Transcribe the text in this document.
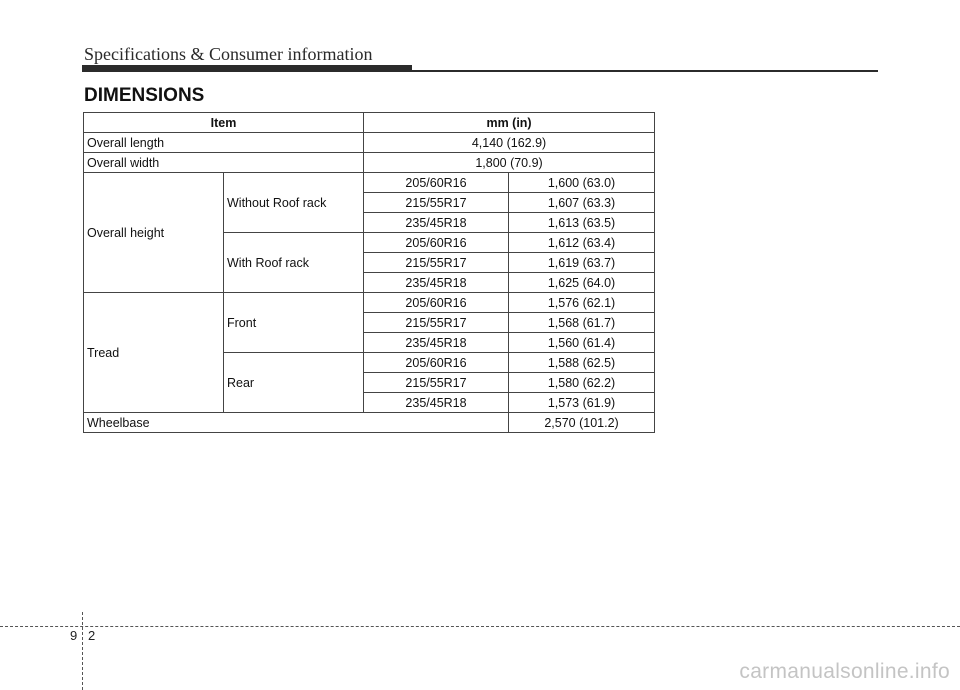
Specifications & Consumer information
DIMENSIONS
Item		mm (in)	
Overall length		4,140 (162.9)	
Overall width		1,800 (70.9)	
Overall height	Without Roof rack	205/60R16	1,600 (63.0)
		215/55R17	1,607 (63.3)
		235/45R18	1,613 (63.5)
	With Roof rack	205/60R16	1,612 (63.4)
		215/55R17	1,619 (63.7)
		235/45R18	1,625 (64.0)
Tread	Front	205/60R16	1,576 (62.1)
		215/55R17	1,568 (61.7)
		235/45R18	1,560 (61.4)
	Rear	205/60R16	1,588 (62.5)
		215/55R17	1,580 (62.2)
		235/45R18	1,573 (61.9)
Wheelbase			2,570 (101.2)
9 2
carmanualsonline.info
